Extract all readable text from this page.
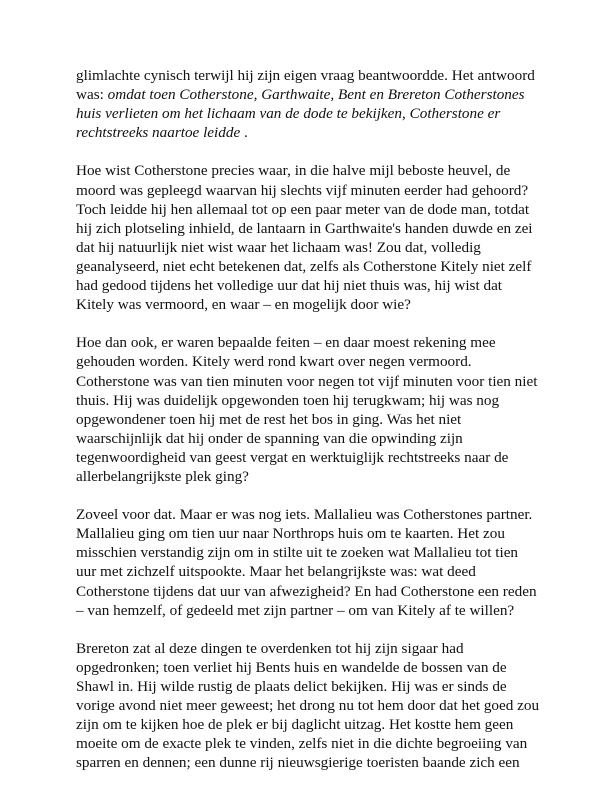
glimlachte cynisch terwijl hij zijn eigen vraag beantwoordde. Het antwoord
was: omdat toen Cotherstone, Garthwaite, Bent en Brereton Cotherstones
huis verlieten om het lichaam van de dode te bekijken, Cotherstone er
rechtstreeks naartoe leidde .

Hoe wist Cotherstone precies waar, in die halve mijl beboste heuvel, de
moord was gepleegd waarvan hij slechts vijf minuten eerder had gehoord?
Toch leidde hij hen allemaal tot op een paar meter van de dode man, totdat
hij zich plotseling inhield, de lantaarn in Garthwaite's handen duwde en zei
dat hij natuurlijk niet wist waar het lichaam was! Zou dat, volledig
geanalyseerd, niet echt betekenen dat, zelfs als Cotherstone Kitely niet zelf
had gedood tijdens het volledige uur dat hij niet thuis was, hij wist dat
Kitely was vermoord, en waar – en mogelijk door wie?

Hoe dan ook, er waren bepaalde feiten – en daar moest rekening mee
gehouden worden. Kitely werd rond kwart over negen vermoord.
Cotherstone was van tien minuten voor negen tot vijf minuten voor tien niet
thuis. Hij was duidelijk opgewonden toen hij terugkwam; hij was nog
opgewondener toen hij met de rest het bos in ging. Was het niet
waarschijnlijk dat hij onder de spanning van die opwinding zijn
tegenwoordigheid van geest vergat en werktuiglijk rechtstreeks naar de
allerbelangrijkste plek ging?

Zoveel voor dat. Maar er was nog iets. Mallalieu was Cotherstones partner.
Mallalieu ging om tien uur naar Northrops huis om te kaarten. Het zou
misschien verstandig zijn om in stilte uit te zoeken wat Mallalieu tot tien
uur met zichzelf uitspookte. Maar het belangrijkste was: wat deed
Cotherstone tijdens dat uur van afwezigheid? En had Cotherstone een reden
– van hemzelf, of gedeeld met zijn partner – om van Kitely af te willen?

Brereton zat al deze dingen te overdenken tot hij zijn sigaar had
opgedronken; toen verliet hij Bents huis en wandelde de bossen van de
Shawl in. Hij wilde rustig de plaats delict bekijken. Hij was er sinds de
vorige avond niet meer geweest; het drong nu tot hem door dat het goed zou
zijn om te kijken hoe de plek er bij daglicht uitzag. Het kostte hem geen
moeite om de exacte plek te vinden, zelfs niet in die dichte begroeiing van
sparren en dennen; een dunne rij nieuwsgierige toeristen baande zich een
